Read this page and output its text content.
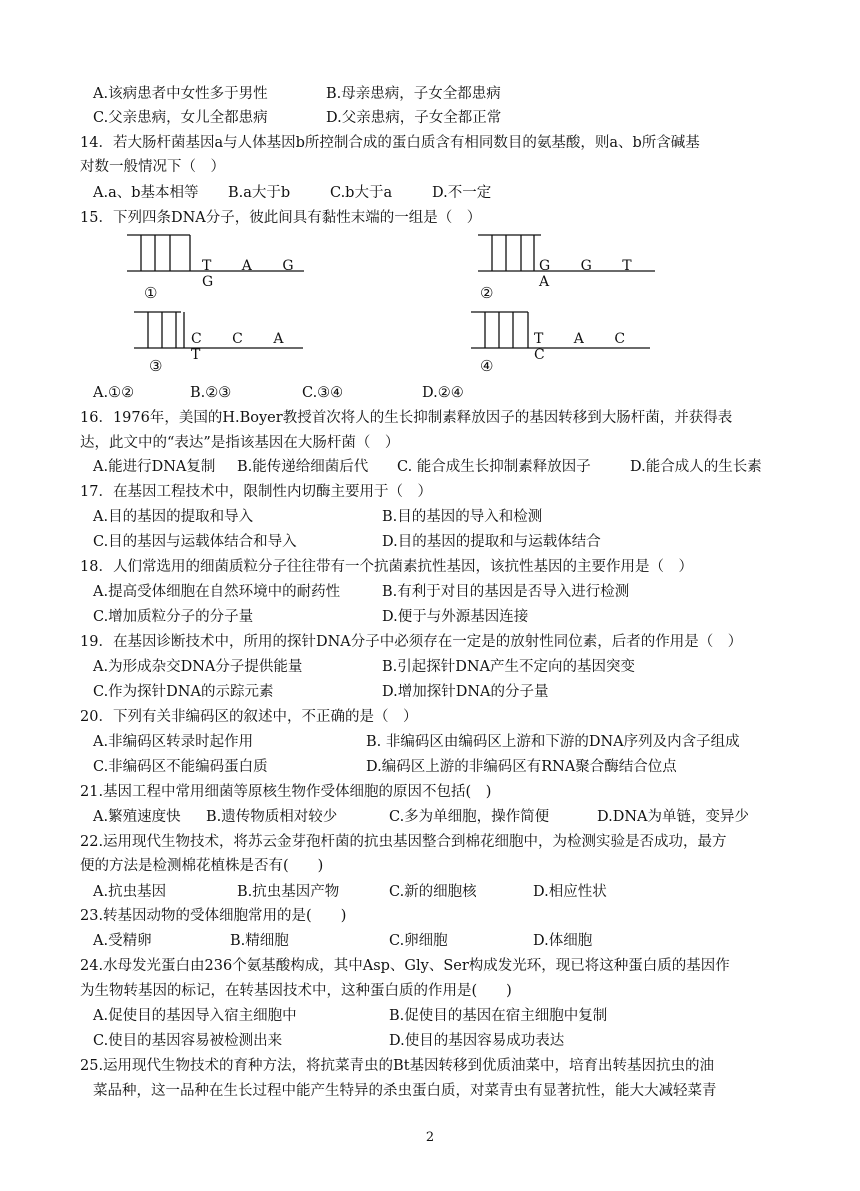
A.该病患者中女性多于男性	B.母亲患病，子女全都患病
C.父亲患病，女儿全都患病	D.父亲患病，子女全都正常
14．若大肠杆菌基因a与人体基因b所控制合成的蛋白质含有相同数目的氨基酸，则a、b所含碱基
对数一般情况下（　）
A.a、b基本相等 B.a大于b	C.b大于a	D.不一定
15．下列四条DNA分子，彼此间具有黏性末端的一组是（　）
T A G G
①
G G T A
②
C C A T
③
T A C C
④
A.①②	B.②③	C.③④	D.②④
16．1976年，美国的H.Boyer教授首次将人的生长抑制素释放因子的基因转移到大肠杆菌，并获得表
达，此文中的“表达”是指该基因在大肠杆菌（　）
A.能进行DNA复制 B.能传递给细菌后代 C. 能合成生长抑制素释放因子	D.能合成人的生长素
17．在基因工程技术中，限制性内切酶主要用于（　）
A.目的基因的提取和导入	B.目的基因的导入和检测
C.目的基因与运载体结合和导入	D.目的基因的提取和与运载体结合
18．人们常选用的细菌质粒分子往往带有一个抗菌素抗性基因，该抗性基因的主要作用是（　）
A.提高受体细胞在自然环境中的耐药性	B.有利于对目的基因是否导入进行检测
C.增加质粒分子的分子量	D.便于与外源基因连接
19．在基因诊断技术中，所用的探针DNA分子中必须存在一定是的放射性同位素，后者的作用是（　）
A.为形成杂交DNA分子提供能量	B.引起探针DNA产生不定向的基因突变
C.作为探针DNA的示踪元素	D.增加探针DNA的分子量
20．下列有关非编码区的叙述中，不正确的是（　）
A.非编码区转录时起作用	B. 非编码区由编码区上游和下游的DNA序列及内含子组成
C.非编码区不能编码蛋白质	D.编码区上游的非编码区有RNA聚合酶结合位点
21.基因工程中常用细菌等原核生物作受体细胞的原因不包括(　)
A.繁殖速度快 B.遗传物质相对较少	C.多为单细胞，操作简便	D.DNA为单链，变异少
22.运用现代生物技术，将苏云金芽孢杆菌的抗虫基因整合到棉花细胞中，为检测实验是否成功，最方
便的方法是检测棉花植株是否有(　　)
A.抗虫基因	B.抗虫基因产物	C.新的细胞核	D.相应性状
23.转基因动物的受体细胞常用的是(　　)
A.受精卵	B.精细胞	C.卵细胞	D.体细胞
24.水母发光蛋白由236个氨基酸构成，其中Asp、Gly、Ser构成发光环，现已将这种蛋白质的基因作
为生物转基因的标记，在转基因技术中，这种蛋白质的作用是(　　)
A.促使目的基因导入宿主细胞中	B.促使目的基因在宿主细胞中复制
C.使目的基因容易被检测出来	D.使目的基因容易成功表达
25.运用现代生物技术的育种方法，将抗菜青虫的Bt基因转移到优质油菜中，培育出转基因抗虫的油
菜品种，这一品种在生长过程中能产生特异的杀虫蛋白质，对菜青虫有显著抗性，能大大减轻菜青
2
